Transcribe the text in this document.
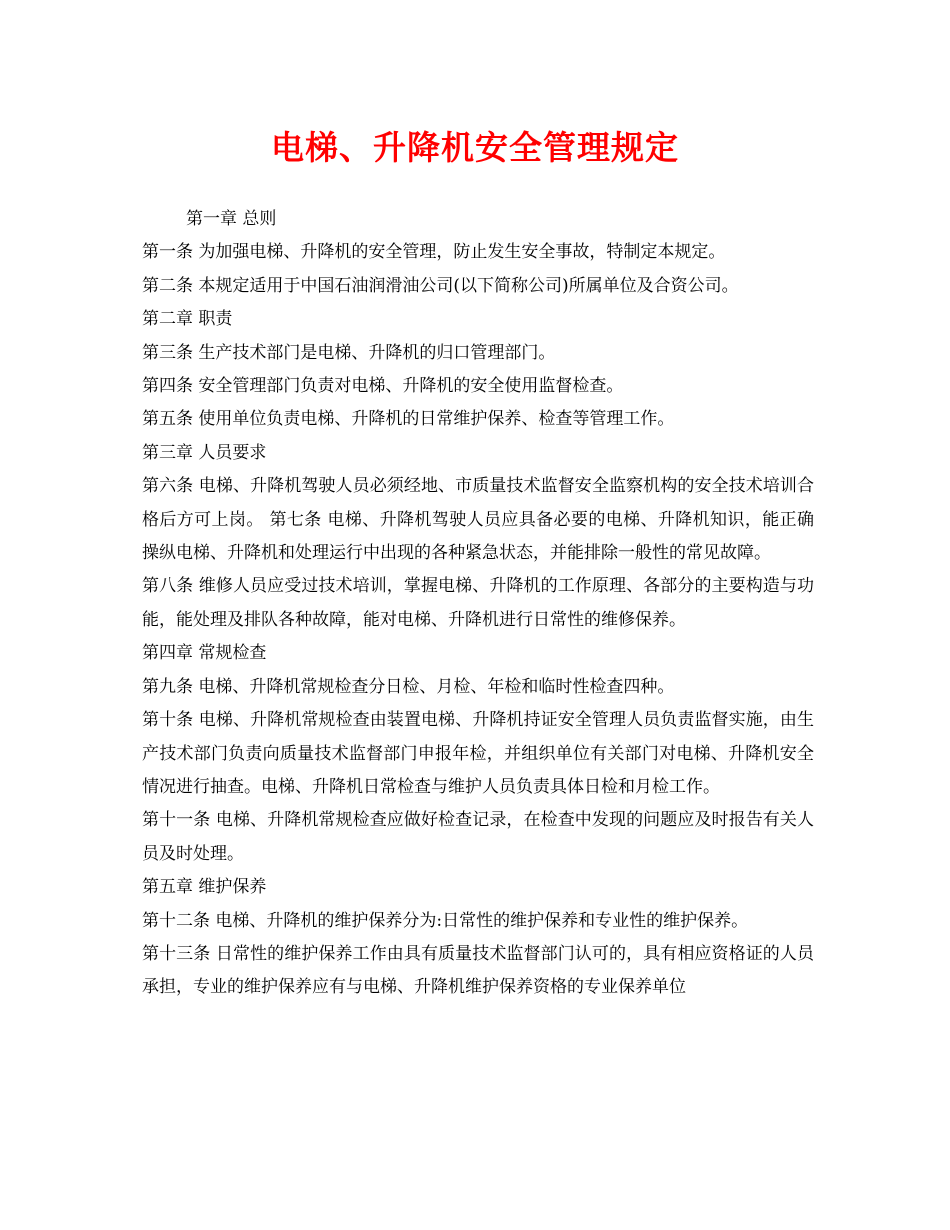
电梯、升降机安全管理规定

第一章 总则

第一条 为加强电梯、升降机的安全管理，防止发生安全事故，特制定本规定。

第二条 本规定适用于中国石油润滑油公司(以下简称公司)所属单位及合资公司。

第二章 职责

第三条 生产技术部门是电梯、升降机的归口管理部门。

第四条 安全管理部门负责对电梯、升降机的安全使用监督检查。

第五条 使用单位负责电梯、升降机的日常维护保养、检查等管理工作。

第三章 人员要求

第六条 电梯、升降机驾驶人员必须经地、市质量技术监督安全监察机构的安全技术培训合格后方可上岗。 第七条 电梯、升降机驾驶人员应具备必要的电梯、升降机知识，能正确操纵电梯、升降机和处理运行中出现的各种紧急状态，并能排除一般性的常见故障。

第八条 维修人员应受过技术培训，掌握电梯、升降机的工作原理、各部分的主要构造与功能，能处理及排队各种故障，能对电梯、升降机进行日常性的维修保养。

第四章 常规检查

第九条 电梯、升降机常规检查分日检、月检、年检和临时性检查四种。

第十条 电梯、升降机常规检查由装置电梯、升降机持证安全管理人员负责监督实施，由生产技术部门负责向质量技术监督部门申报年检，并组织单位有关部门对电梯、升降机安全情况进行抽查。电梯、升降机日常检查与维护人员负责具体日检和月检工作。

第十一条 电梯、升降机常规检查应做好检查记录，在检查中发现的问题应及时报告有关人员及时处理。

第五章 维护保养

第十二条 电梯、升降机的维护保养分为:日常性的维护保养和专业性的维护保养。

第十三条 日常性的维护保养工作由具有质量技术监督部门认可的，具有相应资格证的人员承担，专业的维护保养应有与电梯、升降机维护保养资格的专业保养单位
